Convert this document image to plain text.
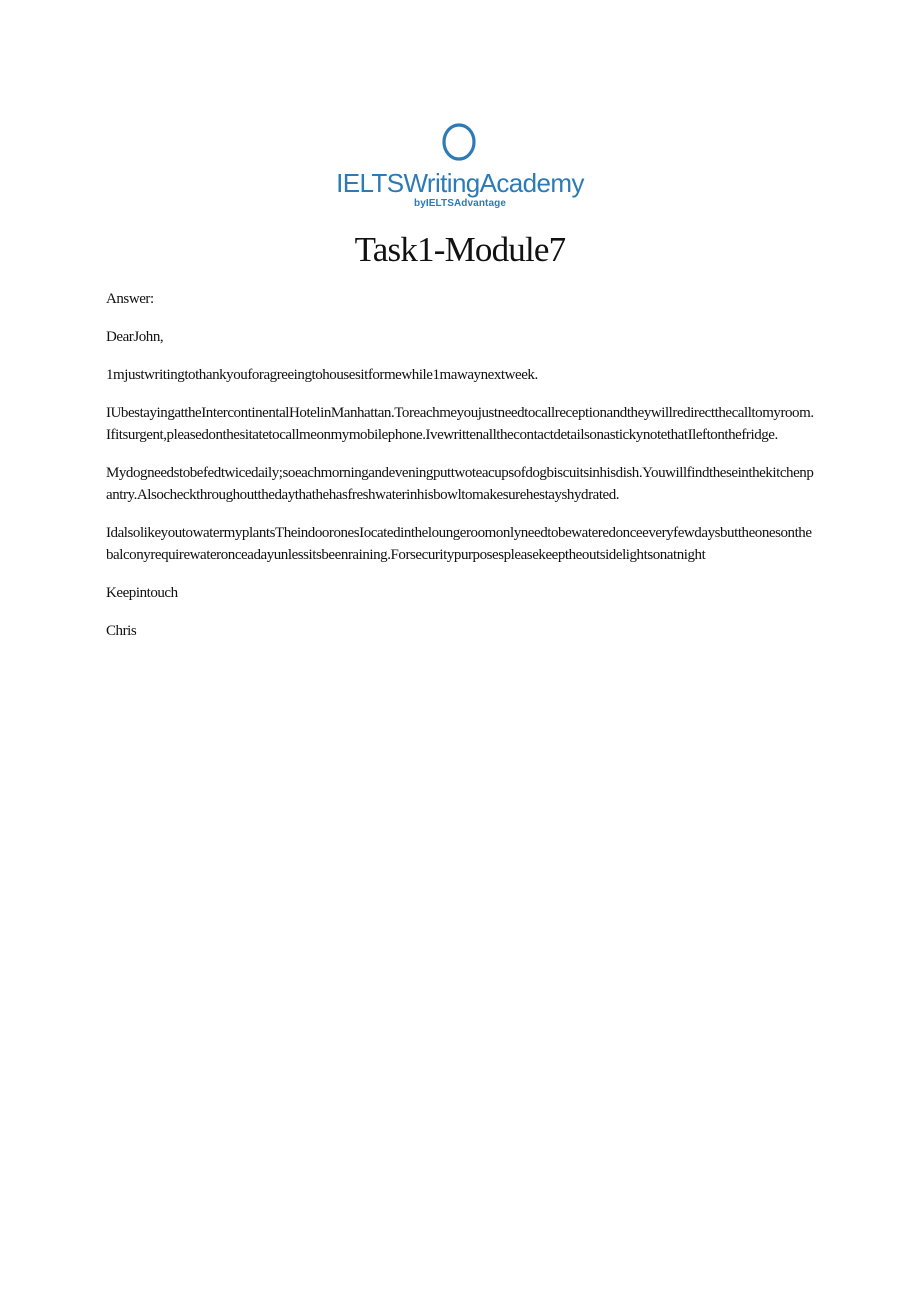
IELTSWritingAcademy
byIELTSAdvantage
Task1-Module7

Answer:

DearJohn,

1mjustwritingtothankyouforagreeingtohousesitformewhile1mawaynextweek.

IUbestayingattheIntercontinentalHotelinManhattan.Toreachmeyoujustneedtocallreceptionandtheywillredirectthecalltomyroom.Ifitsurgent,pleasedonthesitatetocallmeonmymobilephone.IvewrittenallthecontactdetailsonastickynotethatΙleftonthefridge.

Mydogneedstobefedtwicedaily;soeachmorningandeveningputtwoteacupsofdogbiscuitsinhisdish.Youwillfindtheseinthekitchenpantry.Alsocheckthroughoutthedaythathehasfreshwaterinhisbowltomakesurehestayshydrated.

IdalsolikeyoutowatermyplantsTheindooronesIocatedintheloungeroomonlyneedtobewateredonceeveryfewdaysbuttheonesonthebalconyrequirewateronceadayunlessitsbeenraining.Forsecuritypurposespleasekeeptheoutsidelightsonatnight

Keepintouch

Chris
